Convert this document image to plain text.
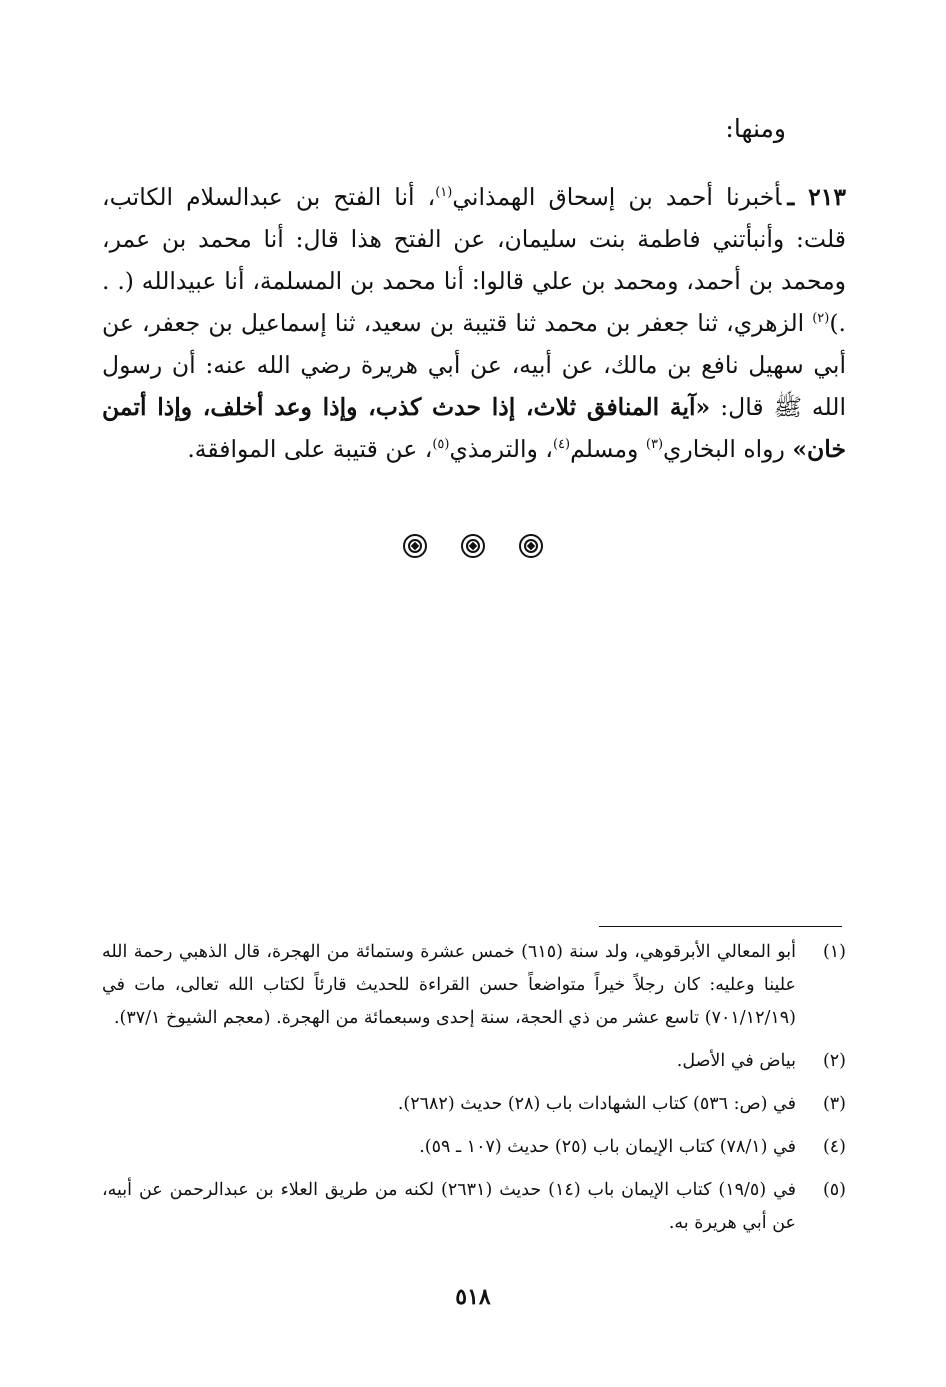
ومنها:

٢١٣ ـأخبرنا أحمد بن إسحاق الهمذاني$^{(١)}$، أنا الفتح بن عبدالسلام الكاتب، قلت: وأنبأتني فاطمة بنت سليمان، عن الفتح هذا قال: أنا محمد بن عمر، ومحمد بن أحمد، ومحمد بن علي قالوا: أنا محمد بن المسلمة، أنا عبيدالله (. . .)$^{(٢)}$ الزهري، ثنا جعفر بن محمد ثنا قتيبة بن سعيد، ثنا إسماعيل بن جعفر، عن أبي سهيل نافع بن مالك، عن أبيه، عن أبي هريرة رضي الله عنه: أن رسول الله ﷺ قال: «آية المنافق ثلاث، إذا حدث كذب، وإذا وعد أخلف، وإذا أتمن خان» رواه البخاري$^{(٣)}$ ومسلم$^{(٤)}$، والترمذي$^{(٥)}$، عن قتيبة على الموافقة.

(١)
أبو المعالي الأبرقوهي، ولد سنة (٦١٥) خمس عشرة وستمائة من الهجرة، قال الذهبي رحمة الله علينا وعليه: كان رجلاً خيراً متواضعاً حسن القراءة للحديث قارئاً لكتاب الله تعالى، مات في (٧٠١/١٢/١٩) تاسع عشر من ذي الحجة، سنة إحدى وسبعمائة من الهجرة. (معجم الشيوخ ٣٧/١).
(٢)
بياض في الأصل.
(٣)
في (ص: ٥٣٦) كتاب الشهادات باب (٢٨) حديث (٢٦٨٢).
(٤)
في (٧٨/١) كتاب الإيمان باب (٢٥) حديث (١٠٧ ـ ٥٩).
(٥)
في (١٩/٥) كتاب الإيمان باب (١٤) حديث (٢٦٣١) لكنه من طريق العلاء بن عبدالرحمن عن أبيه، عن أبي هريرة به.
٥١٨
